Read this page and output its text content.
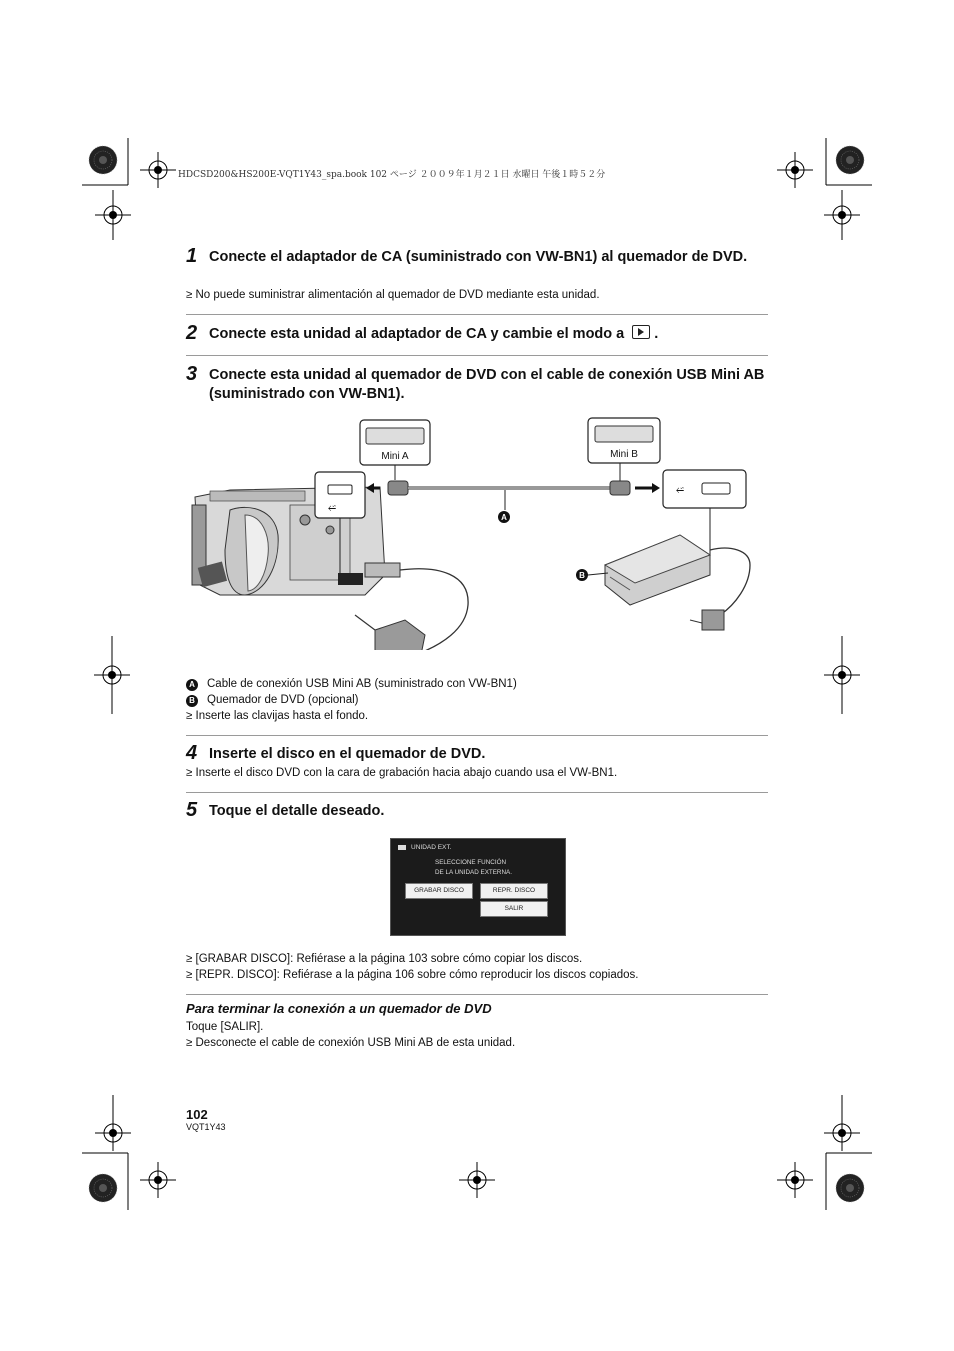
HDCSD200&HS200E-VQT1Y43_spa.book 102 ページ ２００９年１月２１日 水曜日 午後１時５２分
1 Conecte el adaptador de CA (suministrado con VW-BN1) al quemador de DVD.
≥ No puede suministrar alimentación al quemador de DVD mediante esta unidad.
2 Conecte esta unidad al adaptador de CA y cambie el modo a .
3 Conecte esta unidad al quemador de DVD con el cable de conexión USB Mini AB (suministrado con VW-BN1).
⭁
Mini A	Mini B
⭁
A
B
A Cable de conexión USB Mini AB (suministrado con VW-BN1)
B Quemador de DVD (opcional)
≥ Inserte las clavijas hasta el fondo.
4 Inserte el disco en el quemador de DVD.
≥ Inserte el disco DVD con la cara de grabación hacia abajo cuando usa el VW-BN1.
5 Toque el detalle deseado.
UNIDAD EXT.
SELECCIONE FUNCIÓN
DE LA UNIDAD EXTERNA.
GRABAR DISCO	REPR. DISCO
SALIR
≥ [GRABAR DISCO]: Refiérase a la página 103 sobre cómo copiar los discos.
≥ [REPR. DISCO]: Refiérase a la página 106 sobre cómo reproducir los discos copiados.
Para terminar la conexión a un quemador de DVD
Toque [SALIR].
≥ Desconecte el cable de conexión USB Mini AB de esta unidad.
102
VQT1Y43
